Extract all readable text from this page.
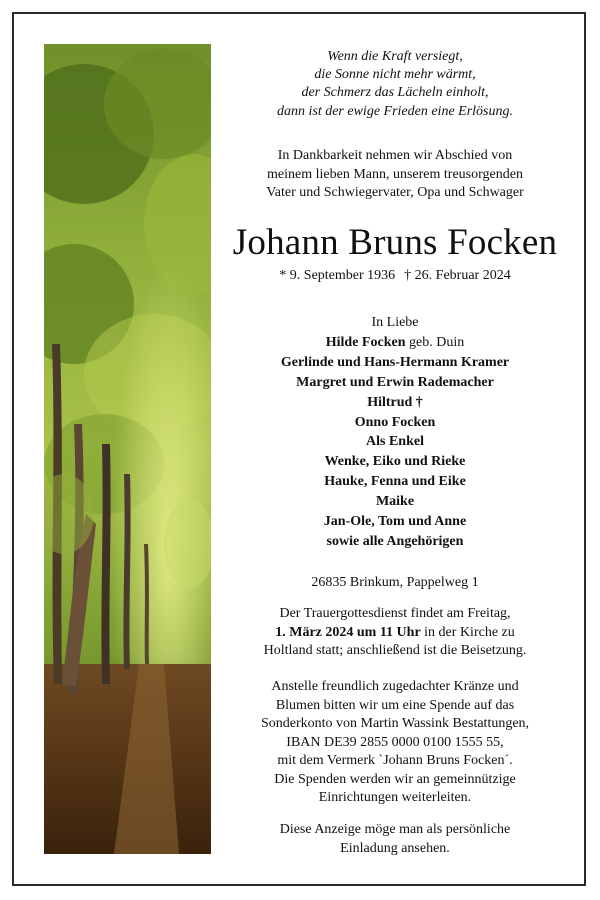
Wenn die Kraft versiegt,
die Sonne nicht mehr wärmt,
der Schmerz das Lächeln einholt,
dann ist der ewige Frieden eine Erlösung.
In Dankbarkeit nehmen wir Abschied von
meinem lieben Mann, unserem treusorgenden
Vater und Schwiegervater, Opa und Schwager
Johann Bruns Focken
* 9. September 1936 † 26. Februar 2024
In Liebe
Hilde Focken geb. Duin
Gerlinde und Hans-Hermann Kramer
Margret und Erwin Rademacher
Hiltrud †
Onno Focken
Als Enkel
Wenke, Eiko und Rieke
Hauke, Fenna und Eike
Maike
Jan-Ole, Tom und Anne
sowie alle Angehörigen
26835 Brinkum, Pappelweg 1
Der Trauergottesdienst findet am Freitag,
1. März 2024 um 11 Uhr in der Kirche zu
Holtland statt; anschließend ist die Beisetzung.
Anstelle freundlich zugedachter Kränze und
Blumen bitten wir um eine Spende auf das
Sonderkonto von Martin Wassink Bestattungen,
IBAN DE39 2855 0000 0100 1555 55,
mit dem Vermerk `Johann Bruns Focken´.
Die Spenden werden wir an gemeinnützige
Einrichtungen weiterleiten.
Diese Anzeige möge man als persönliche
Einladung ansehen.
